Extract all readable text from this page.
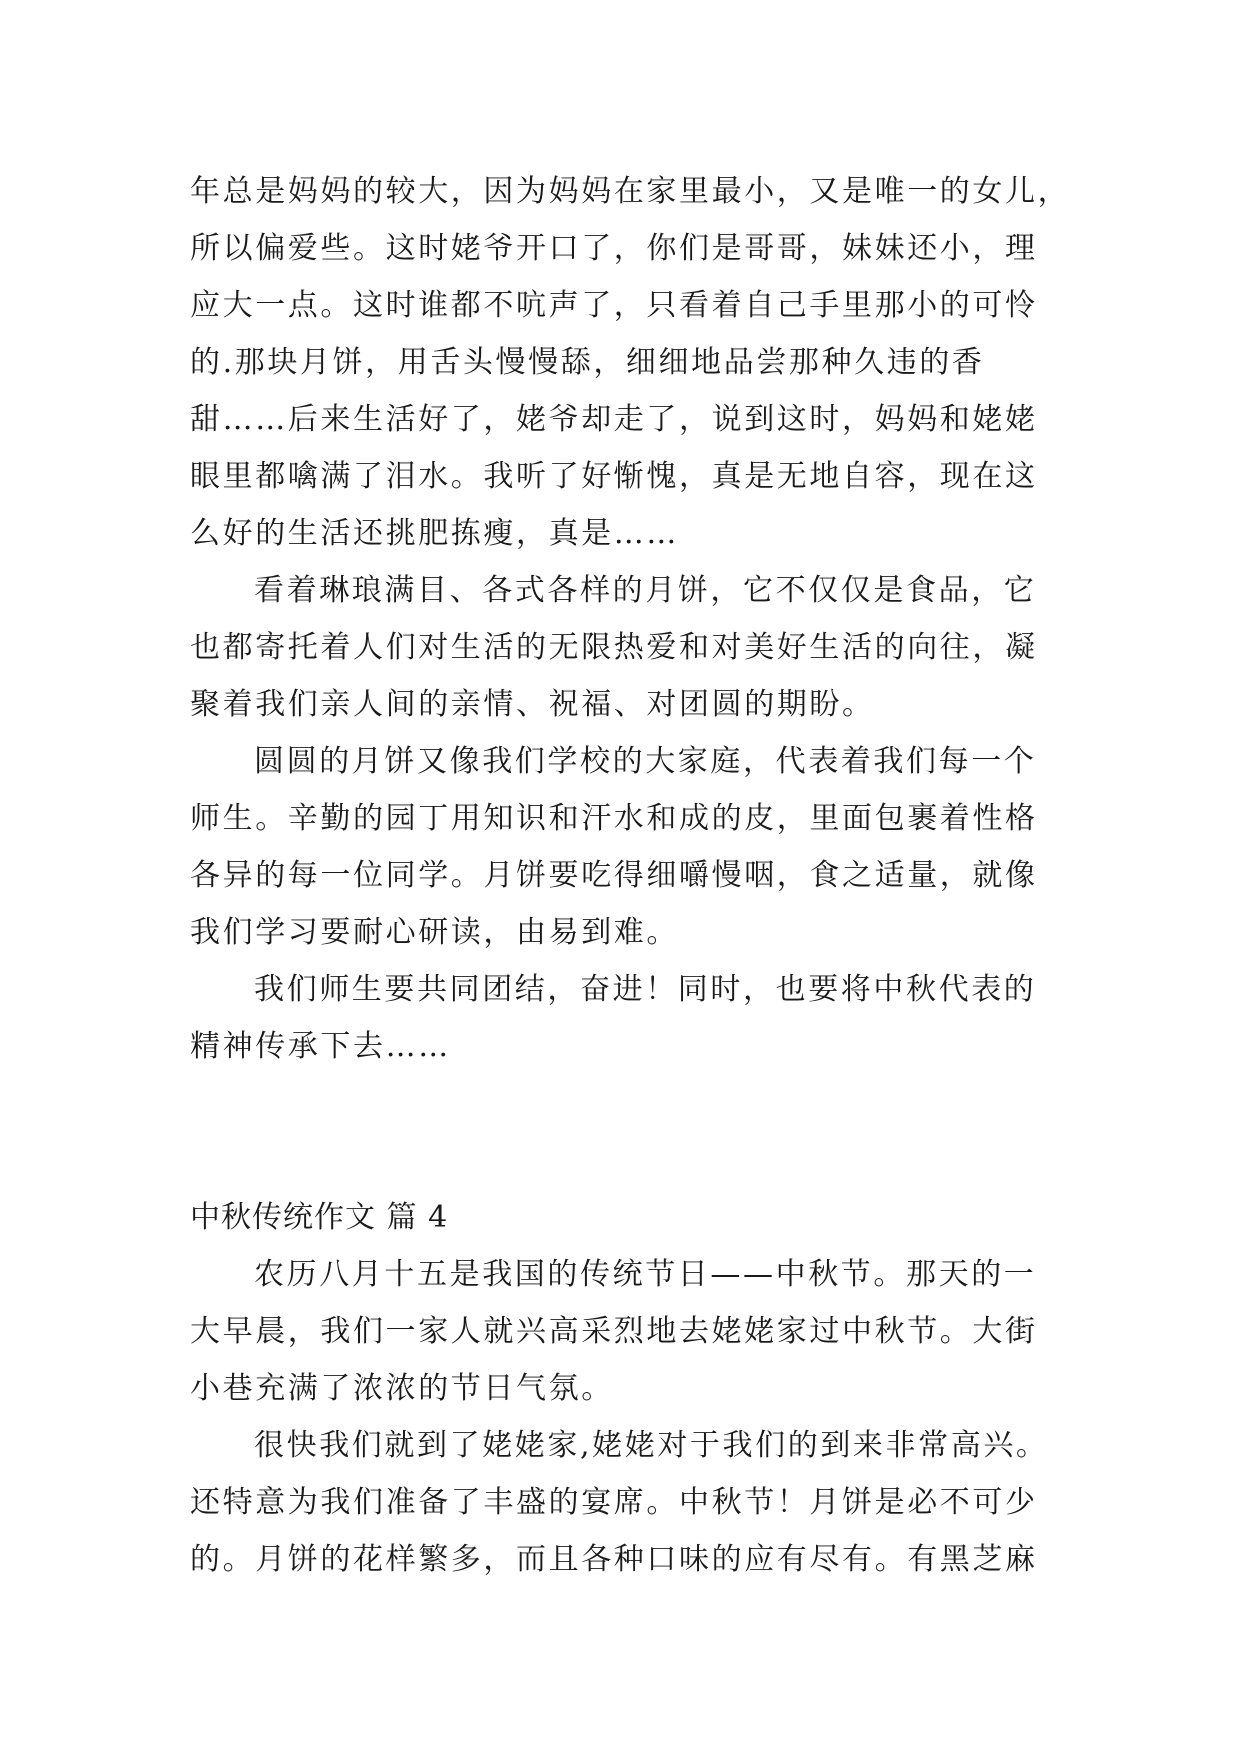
年总是妈妈的较大，因为妈妈在家里最小，又是唯一的女儿，
所以偏爱些。这时姥爷开口了，你们是哥哥，妹妹还小，理
应大一点。这时谁都不吭声了，只看着自己手里那小的可怜
的.那块月饼，用舌头慢慢舔，细细地品尝那种久违的香
甜……后来生活好了，姥爷却走了，说到这时，妈妈和姥姥
眼里都噙满了泪水。我听了好惭愧，真是无地自容，现在这
么好的生活还挑肥拣瘦，真是……
看着琳琅满目、各式各样的月饼，它不仅仅是食品，它
也都寄托着人们对生活的无限热爱和对美好生活的向往，凝
聚着我们亲人间的亲情、祝福、对团圆的期盼。
圆圆的月饼又像我们学校的大家庭，代表着我们每一个
师生。辛勤的园丁用知识和汗水和成的皮，里面包裹着性格
各异的每一位同学。月饼要吃得细嚼慢咽，食之适量，就像
我们学习要耐心研读，由易到难。
我们师生要共同团结，奋进！同时，也要将中秋代表的
精神传承下去……
中秋传统作文 篇 4
农历八月十五是我国的传统节日——中秋节。那天的一
大早晨，我们一家人就兴高采烈地去姥姥家过中秋节。大街
小巷充满了浓浓的节日气氛。
很快我们就到了姥姥家,姥姥对于我们的到来非常高兴。
还特意为我们准备了丰盛的宴席。中秋节！月饼是必不可少
的。月饼的花样繁多，而且各种口味的应有尽有。有黑芝麻
